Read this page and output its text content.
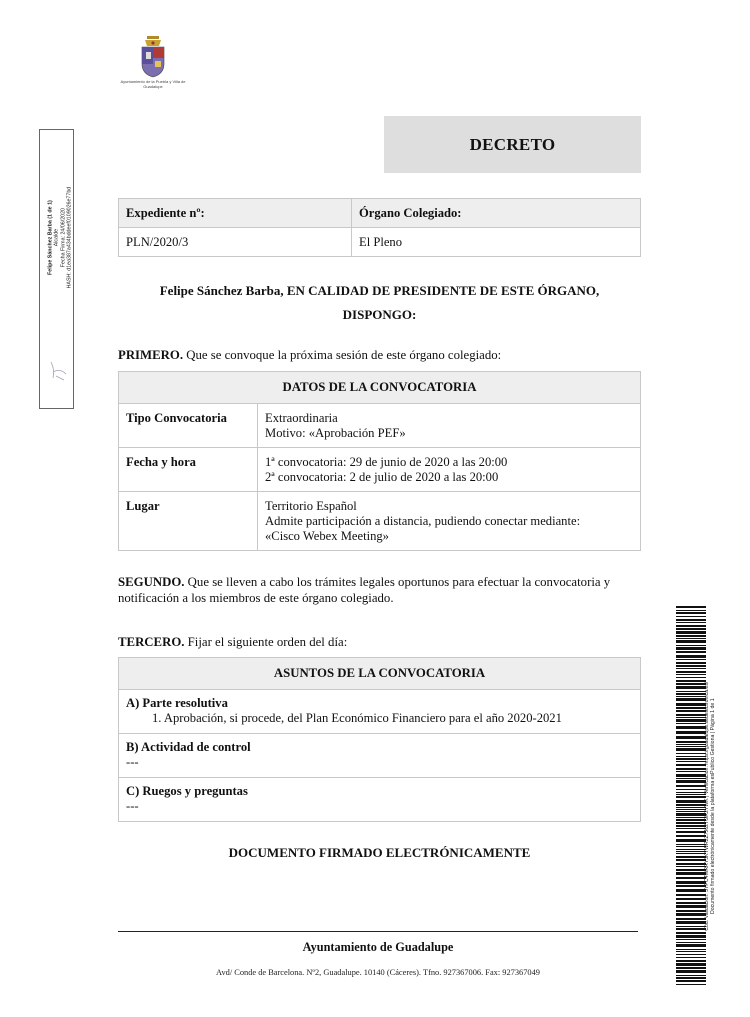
Ayuntamiento de la Puebla y Villa de Guadalupe
Felipe Sánchez Barba (1 de 1) Alcalde Fecha Firma: 24/06/2020 HASH: d1ea387a434bddeef0109026e77bd
DECRETO
Expediente nº:	Órgano Colegiado:
PLN/2020/3	El Pleno
Felipe Sánchez Barba, EN CALIDAD DE PRESIDENTE DE ESTE ÓRGANO,
DISPONGO:
PRIMERO. Que se convoque la próxima sesión de este órgano colegiado:
DATOS DE LA CONVOCATORIA	
Tipo Convocatoria	Extraordinaria
Motivo: «Aprobación PEF»

Fecha y hora	1ª convocatoria: 29 de junio de 2020 a las 20:00
2ª convocatoria: 2 de julio de 2020 a las 20:00

Lugar	Territorio Español
Admite participación a distancia, pudiendo conectar mediante:
«Cisco Webex Meeting»
SEGUNDO. Que se lleven a cabo los trámites legales oportunos para efectuar la convocatoria y notificación a los miembros de este órgano colegiado.
TERCERO. Fijar el siguiente orden del día:
ASUNTOS DE LA CONVOCATORIA

A) Parte resolutiva
1. Aprobación, si procede, del Plan Económico Financiero para el año 2020-2021

B) Actividad de control
---

C) Ruegos y preguntas
---
DOCUMENTO FIRMADO ELECTRÓNICAMENTE
Ayuntamiento de Guadalupe
Avd/ Conde de Barcelona. Nº2, Guadalupe. 10140 (Cáceres). Tfno. 927367006. Fax: 927367049
Cód. Validación: 3YPC4WRRY3KYWR2Z7J62TGR2YWK | Verificación: https://guadalupe.sedelectronica.es/ Documento firmado electrónicamente desde la plataforma esPublico Gestiona | Página 1 de 1
